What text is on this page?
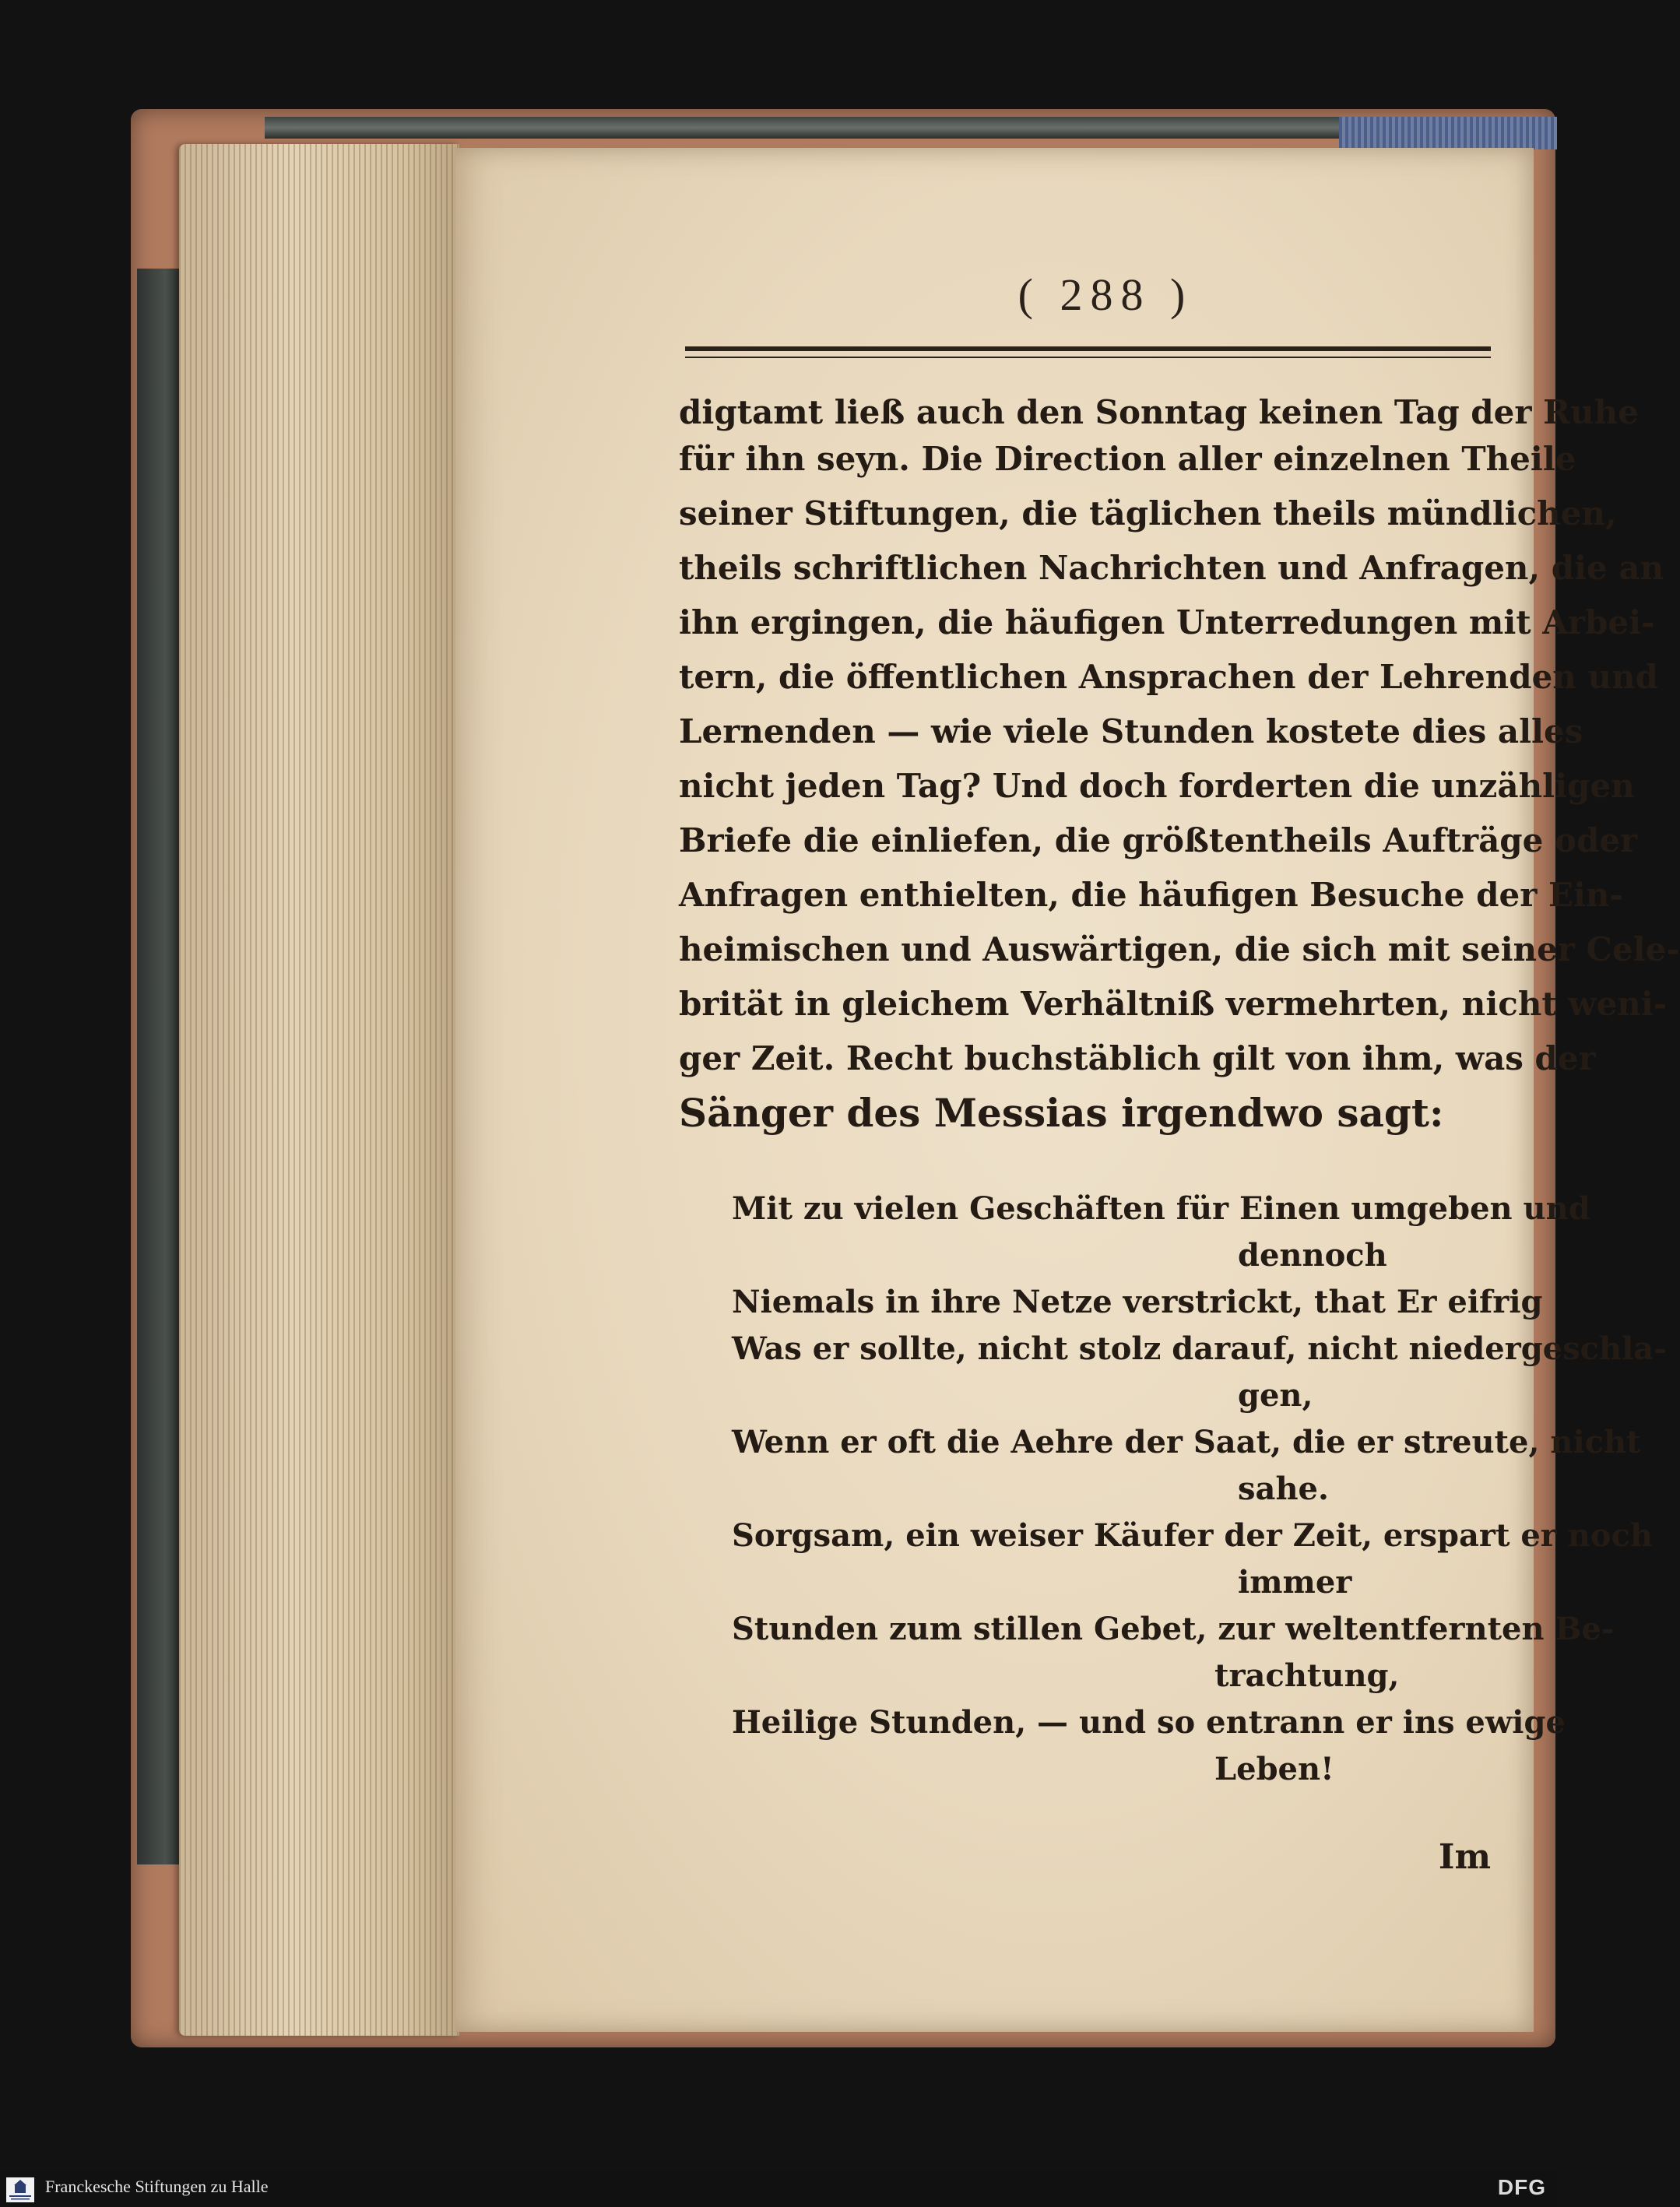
( 288 )
digtamt ließ auch den Sonntag keinen Tag der Ruhe
für ihn seyn. Die Direction aller einzelnen Theile
seiner Stiftungen, die täglichen theils mündlichen,
theils schriftlichen Nachrichten und Anfragen, die an
ihn ergingen, die häufigen Unterredungen mit Arbei-
tern, die öffentlichen Ansprachen der Lehrenden und
Lernenden — wie viele Stunden kostete dies alles
nicht jeden Tag? Und doch forderten die unzähligen
Briefe die einliefen, die größtentheils Aufträge oder
Anfragen enthielten, die häufigen Besuche der Ein-
heimischen und Auswärtigen, die sich mit seiner Cele-
brität in gleichem Verhältniß vermehrten, nicht weni-
ger Zeit. Recht buchstäblich gilt von ihm, was der
Sänger des Messias irgendwo sagt:
Mit zu vielen Geschäften für Einen umgeben und
dennoch
Niemals in ihre Netze verstrickt, that Er eifrig
Was er sollte, nicht stolz darauf, nicht niedergeschla-
gen,
Wenn er oft die Aehre der Saat, die er streute, nicht
sahe.
Sorgsam, ein weiser Käufer der Zeit, erspart er noch
immer
Stunden zum stillen Gebet, zur weltentfernten Be-
trachtung,
Heilige Stunden, — und so entrann er ins ewige
Leben!
Im
Franckesche Stiftungen zu Halle	DFG
